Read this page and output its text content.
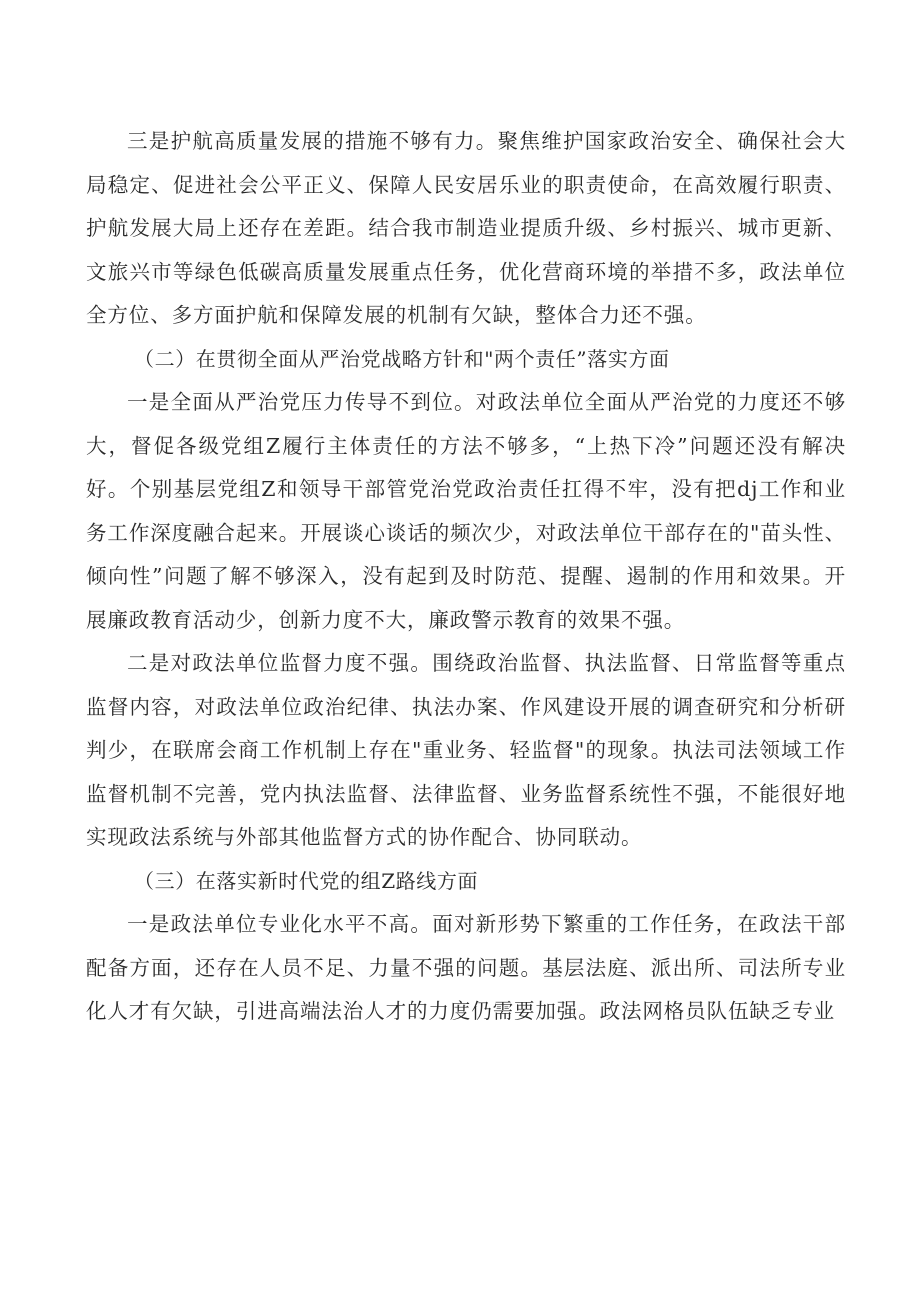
三是护航高质量发展的措施不够有力。聚焦维护国家政治安全、确保社会大局稳定、促进社会公平正义、保障人民安居乐业的职责使命，在高效履行职责、护航发展大局上还存在差距。结合我市制造业提质升级、乡村振兴、城市更新、文旅兴市等绿色低碳高质量发展重点任务，优化营商环境的举措不多，政法单位全方位、多方面护航和保障发展的机制有欠缺，整体合力还不强。

（二）在贯彻全面从严治党战略方针和"两个责任”落实方面

一是全面从严治党压力传导不到位。对政法单位全面从严治党的力度还不够大，督促各级党组Z履行主体责任的方法不够多，“上热下冷”问题还没有解决好。个别基层党组Z和领导干部管党治党政治责任扛得不牢，没有把dj工作和业务工作深度融合起来。开展谈心谈话的频次少，对政法单位干部存在的"苗头性、倾向性”问题了解不够深入，没有起到及时防范、提醒、遏制的作用和效果。开展廉政教育活动少，创新力度不大，廉政警示教育的效果不强。

二是对政法单位监督力度不强。围绕政治监督、执法监督、日常监督等重点监督内容，对政法单位政治纪律、执法办案、作风建设开展的调查研究和分析研判少，在联席会商工作机制上存在"重业务、轻监督"的现象。执法司法领域工作监督机制不完善，党内执法监督、法律监督、业务监督系统性不强，不能很好地实现政法系统与外部其他监督方式的协作配合、协同联动。

（三）在落实新时代党的组Z路线方面

一是政法单位专业化水平不高。面对新形势下繁重的工作任务，在政法干部配备方面，还存在人员不足、力量不强的问题。基层法庭、派出所、司法所专业化人才有欠缺，引进高端法治人才的力度仍需要加强。政法网格员队伍缺乏专业
